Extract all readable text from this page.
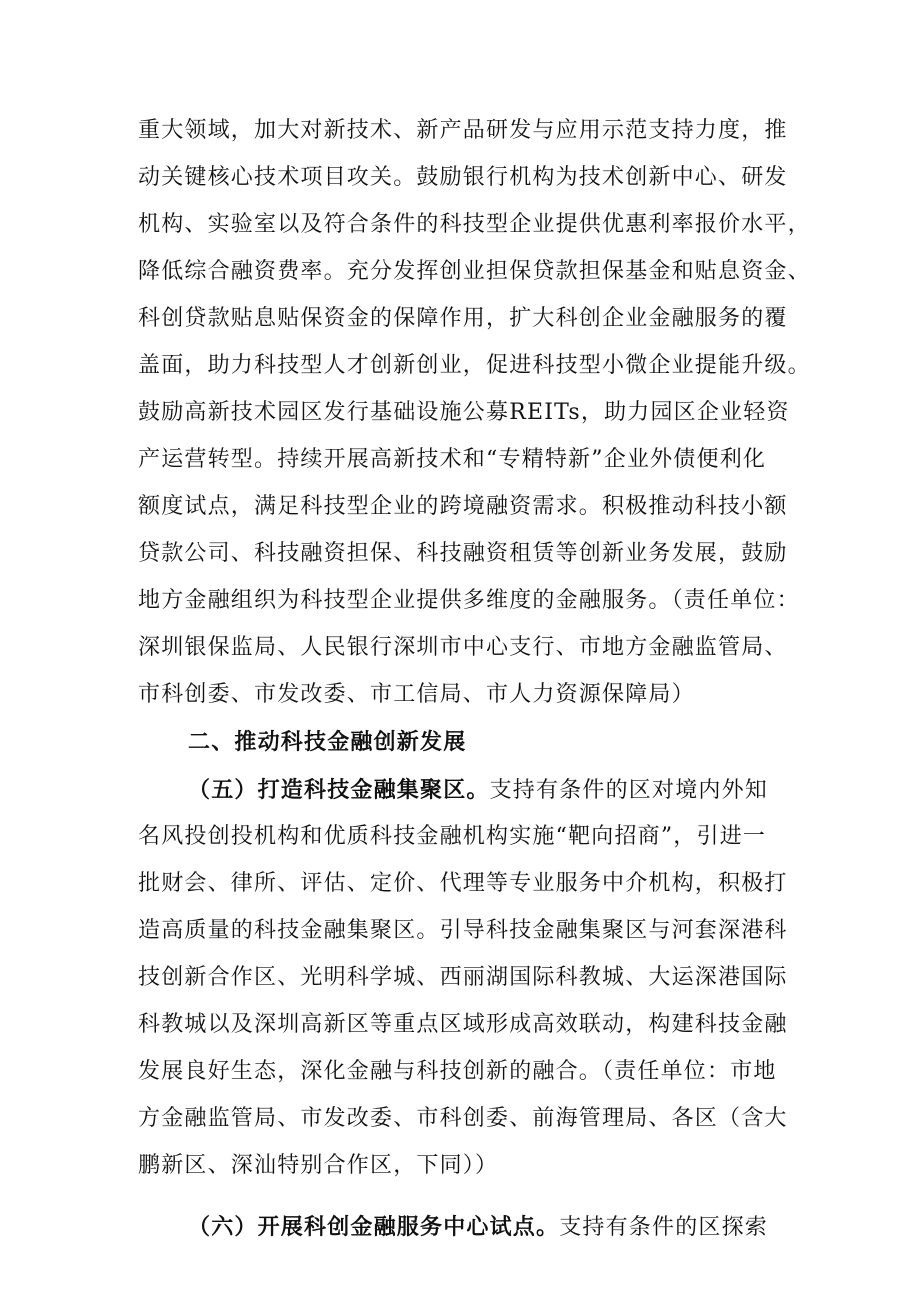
重大领域，加大对新技术、新产品研发与应用示范支持力度，推
动关键核心技术项目攻关。鼓励银行机构为技术创新中心、研发
机构、实验室以及符合条件的科技型企业提供优惠利率报价水平，
降低综合融资费率。充分发挥创业担保贷款担保基金和贴息资金、
科创贷款贴息贴保资金的保障作用，扩大科创企业金融服务的覆
盖面，助力科技型人才创新创业，促进科技型小微企业提能升级。
鼓励高新技术园区发行基础设施公募REITs，助力园区企业轻资
产运营转型。持续开展高新技术和“专精特新”企业外债便利化
额度试点，满足科技型企业的跨境融资需求。积极推动科技小额
贷款公司、科技融资担保、科技融资租赁等创新业务发展，鼓励
地方金融组织为科技型企业提供多维度的金融服务。（责任单位：
深圳银保监局、人民银行深圳市中心支行、市地方金融监管局、
市科创委、市发改委、市工信局、市人力资源保障局）
二、推动科技金融创新发展
（五）打造科技金融集聚区。支持有条件的区对境内外知
名风投创投机构和优质科技金融机构实施“靶向招商”，引进一
批财会、律所、评估、定价、代理等专业服务中介机构，积极打
造高质量的科技金融集聚区。引导科技金融集聚区与河套深港科
技创新合作区、光明科学城、西丽湖国际科教城、大运深港国际
科教城以及深圳高新区等重点区域形成高效联动，构建科技金融
发展良好生态，深化金融与科技创新的融合。（责任单位：市地
方金融监管局、市发改委、市科创委、前海管理局、各区（含大
鹏新区、深汕特别合作区，下同））
（六）开展科创金融服务中心试点。支持有条件的区探索
